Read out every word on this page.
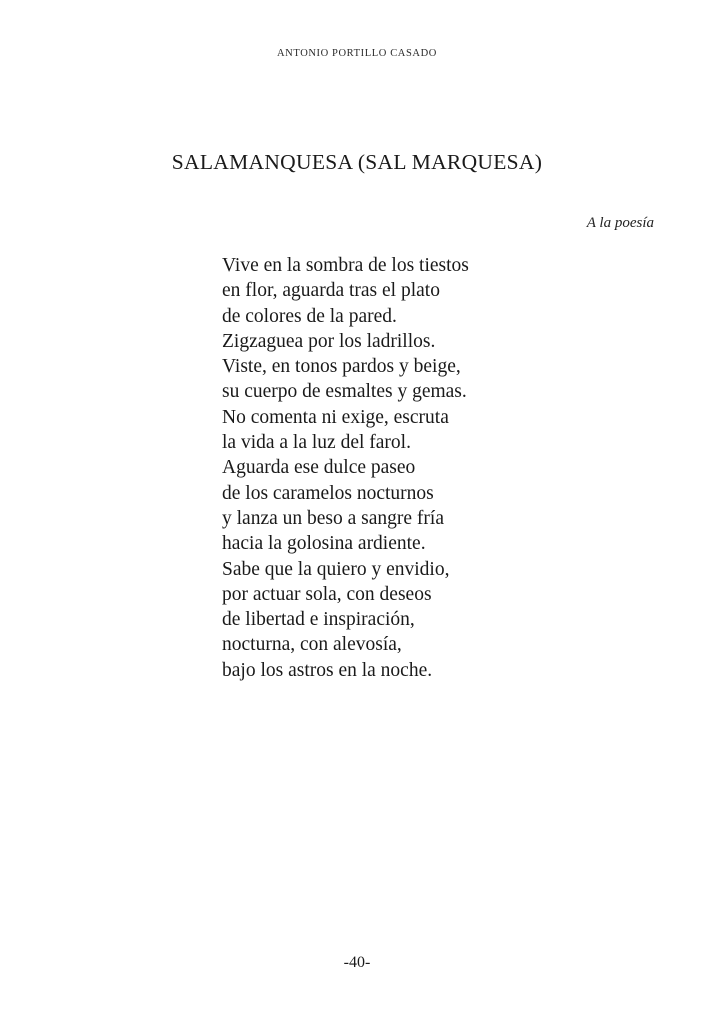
ANTONIO PORTILLO CASADO
SALAMANQUESA (SAL MARQUESA)
A la poesía
Vive en la sombra de los tiestos
en flor, aguarda tras el plato
de colores de la pared.
Zigzaguea por los ladrillos.
Viste, en tonos pardos y beige,
su cuerpo de esmaltes y gemas.
No comenta ni exige, escruta
la vida a la luz del farol.
Aguarda ese dulce paseo
de los caramelos nocturnos
y lanza un beso a sangre fría
hacia la golosina ardiente.
Sabe que la quiero y envidio,
por actuar sola, con deseos
de libertad e inspiración,
nocturna, con alevosía,
bajo los astros en la noche.
-40-
